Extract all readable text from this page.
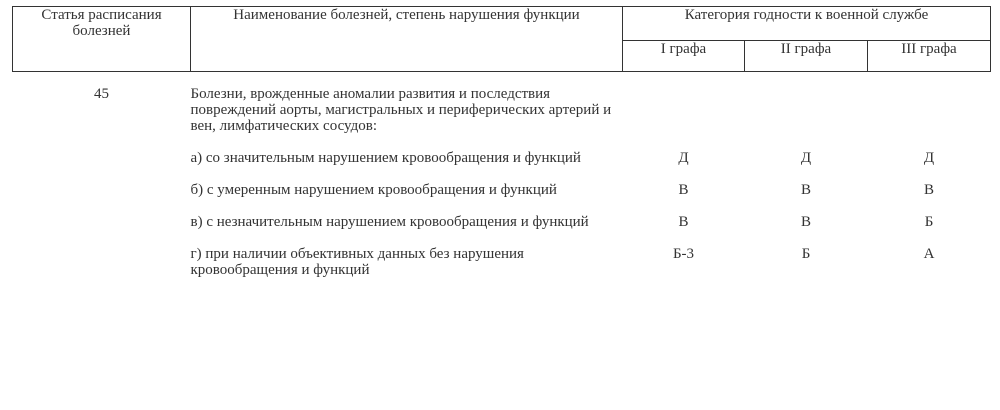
Статья расписания болезней	Наименование болезней, степень нарушения функции	Категория годности к военной службе		
		I графа	II графа	III графа
45	Болезни, врожденные аномалии развития и последствия повреждений аорты, магистральных и периферических артерий и вен, лимфатических сосудов:			
	а) со значительным нарушением кровообращения и функций	Д	Д	Д
	б) с умеренным нарушением кровообращения и функций	В	В	В
	в) с незначительным нарушением кровообращения и функций	В	В	Б
	г) при наличии объективных данных без нарушения кровообращения и функций	Б-3	Б	А
